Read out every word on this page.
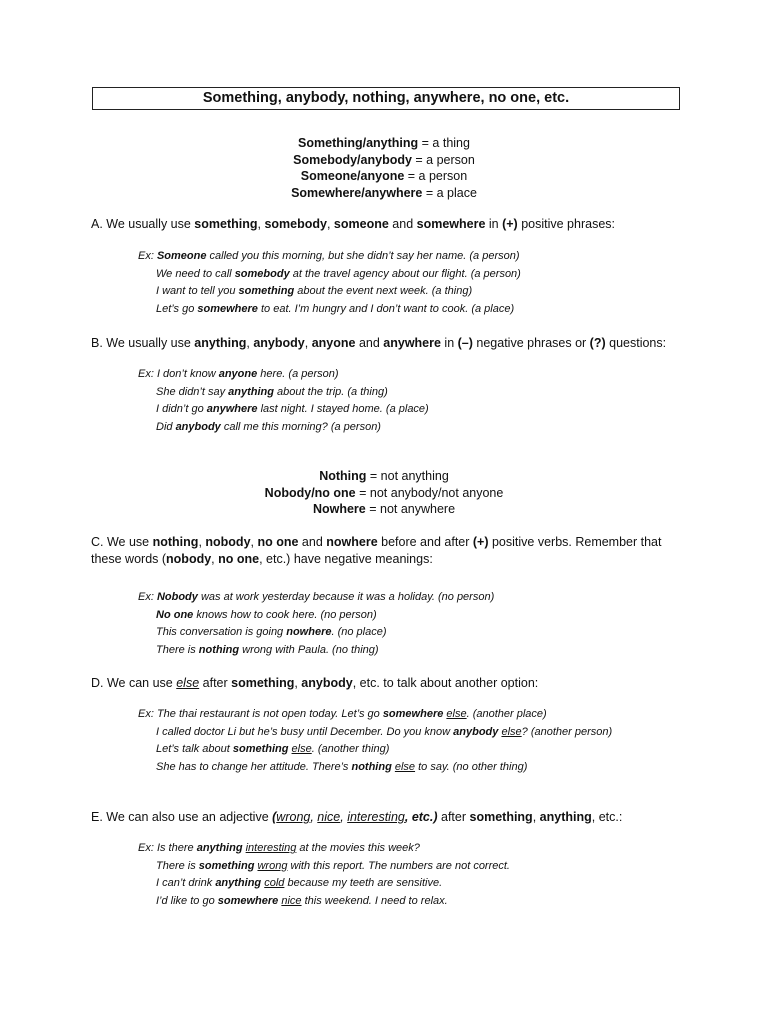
Something, anybody, nothing, anywhere, no one, etc.
Something/anything = a thing
Somebody/anybody = a person
Someone/anyone = a person
Somewhere/anywhere = a place
A. We usually use something, somebody, someone and somewhere in (+) positive phrases:
Ex: Someone called you this morning, but she didn’t say her name. (a person)
We need to call somebody at the travel agency about our flight. (a person)
I want to tell you something about the event next week. (a thing)
Let’s go somewhere to eat. I’m hungry and I don’t want to cook. (a place)
B. We usually use anything, anybody, anyone and anywhere in (–) negative phrases or (?) questions:
Ex: I don’t know anyone here. (a person)
She didn’t say anything about the trip. (a thing)
I didn’t go anywhere last night. I stayed home. (a place)
Did anybody call me this morning? (a person)
Nothing = not anything
Nobody/no one = not anybody/not anyone
Nowhere = not anywhere
C. We use nothing, nobody, no one and nowhere before and after (+) positive verbs. Remember that these words (nobody, no one, etc.) have negative meanings:
Ex: Nobody was at work yesterday because it was a holiday. (no person)
No one knows how to cook here. (no person)
This conversation is going nowhere. (no place)
There is nothing wrong with Paula. (no thing)
D. We can use else after something, anybody, etc. to talk about another option:
Ex: The thai restaurant is not open today. Let’s go somewhere else. (another place)
I called doctor Li but he’s busy until December. Do you know anybody else? (another person)
Let’s talk about something else. (another thing)
She has to change her attitude. There’s nothing else to say. (no other thing)
E. We can also use an adjective (wrong, nice, interesting, etc.) after something, anything, etc.:
Ex: Is there anything interesting at the movies this week?
There is something wrong with this report. The numbers are not correct.
I can’t drink anything cold because my teeth are sensitive.
I’d like to go somewhere nice this weekend. I need to relax.
